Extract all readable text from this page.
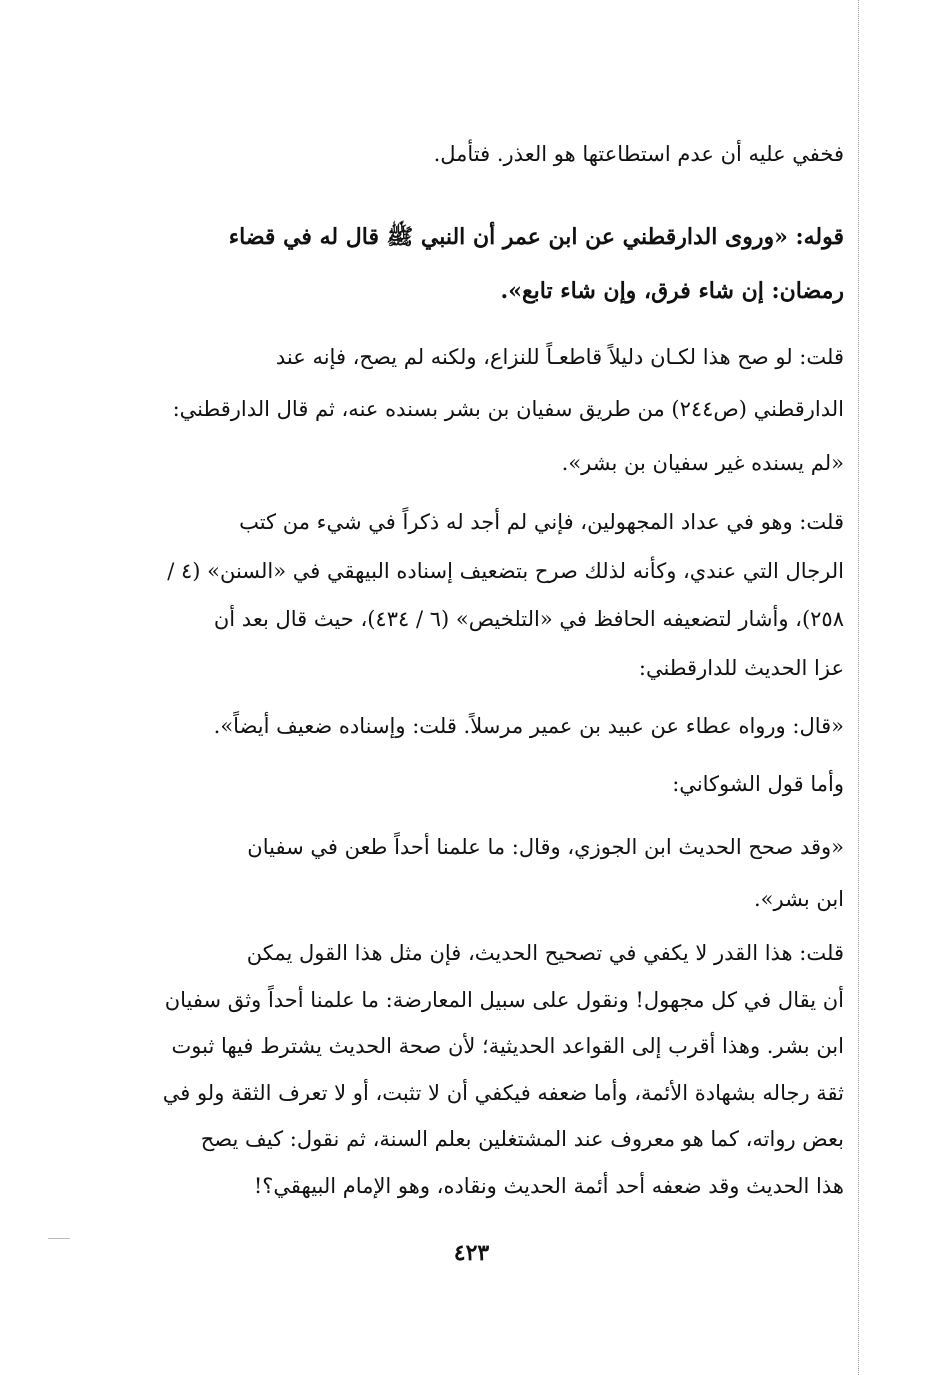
فخفي عليه أن عدم استطاعتها هو العذر. فتأمل.
قوله: «وروى الدارقطني عن ابن عمر أن النبي ﷺ قال له في قضاء
رمضان: إن شاء فرق، وإن شاء تابع».
قلت: لو صح هذا لكـان دليلاً قاطعـاً للنزاع، ولكنه لم يصح، فإنه عند
الدارقطني (ص٢٤٤) من طريق سفيان بن بشر بسنده عنه، ثم قال الدارقطني:
«لم يسنده غير سفيان بن بشر».
قلت: وهو في عداد المجهولين، فإني لم أجد له ذكراً في شيء من كتب
الرجال التي عندي، وكأنه لذلك صرح بتضعيف إسناده البيهقي في «السنن» (٤ /
٢٥٨)، وأشار لتضعيفه الحافظ في «التلخيص» (٦ / ٤٣٤)، حيث قال بعد أن
عزا الحديث للدارقطني:
«قال: ورواه عطاء عن عبيد بن عمير مرسلاً. قلت: وإسناده ضعيف أيضاً».
وأما قول الشوكاني:
«وقد صحح الحديث ابن الجوزي، وقال: ما علمنا أحداً طعن في سفيان
ابن بشر».
قلت: هذا القدر لا يكفي في تصحيح الحديث، فإن مثل هذا القول يمكن
أن يقال في كل مجهول! ونقول على سبيل المعارضة: ما علمنا أحداً وثق سفيان
ابن بشر. وهذا أقرب إلى القواعد الحديثية؛ لأن صحة الحديث يشترط فيها ثبوت
ثقة رجاله بشهادة الأئمة، وأما ضعفه فيكفي أن لا تثبت، أو لا تعرف الثقة ولو في
بعض رواته، كما هو معروف عند المشتغلين بعلم السنة، ثم نقول: كيف يصح
هذا الحديث وقد ضعفه أحد أئمة الحديث ونقاده، وهو الإمام البيهقي؟!
٤٢٣
